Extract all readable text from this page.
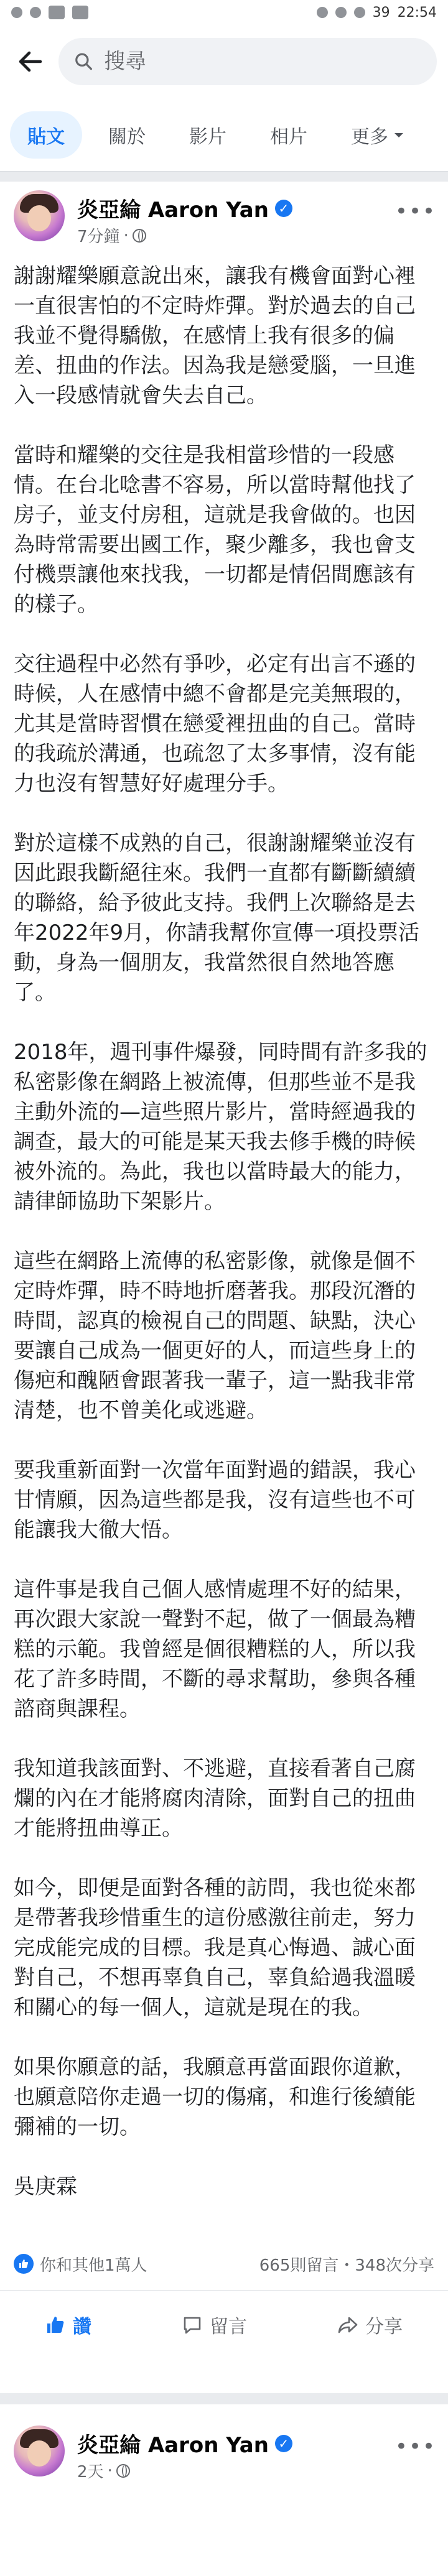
39 22:54
搜尋
貼文	關於	影片	相片	更多
炎亞綸 Aaron Yan ✓
7分鐘 ·
•••

謝謝耀樂願意說出來，讓我有機會面對心裡一直很害怕的不定時炸彈。對於過去的自己我並不覺得驕傲，在感情上我有很多的偏差、扭曲的作法。因為我是戀愛腦，一旦進入一段感情就會失去自己。

當時和耀樂的交往是我相當珍惜的一段感情。在台北唸書不容易，所以當時幫他找了房子，並支付房租，這就是我會做的。也因為時常需要出國工作，聚少離多，我也會支付機票讓他來找我，一切都是情侶間應該有的樣子。

交往過程中必然有爭吵，必定有出言不遜的時候，人在感情中總不會都是完美無瑕的，尤其是當時習慣在戀愛裡扭曲的自己。當時的我疏於溝通，也疏忽了太多事情，沒有能力也沒有智慧好好處理分手。

對於這樣不成熟的自己，很謝謝耀樂並沒有因此跟我斷絕往來。我們一直都有斷斷續續的聯絡，給予彼此支持。我們上次聯絡是去年2022年9月，你請我幫你宣傳一項投票活動，身為一個朋友，我當然很自然地答應了。

2018年，週刊事件爆發，同時間有許多我的私密影像在網路上被流傳，但那些並不是我主動外流的—這些照片影片，當時經過我的調查，最大的可能是某天我去修手機的時候被外流的。為此，我也以當時最大的能力，請律師協助下架影片。

這些在網路上流傳的私密影像，就像是個不定時炸彈，時不時地折磨著我。那段沉潛的時間，認真的檢視自己的問題、缺點，決心要讓自己成為一個更好的人，而這些身上的傷疤和醜陋會跟著我一輩子，這一點我非常清楚，也不曾美化或逃避。

要我重新面對一次當年面對過的錯誤，我心甘情願，因為這些都是我，沒有這些也不可能讓我大徹大悟。

這件事是我自己個人感情處理不好的結果，再次跟大家說一聲對不起，做了一個最為糟糕的示範。我曾經是個很糟糕的人，所以我花了許多時間，不斷的尋求幫助，參與各種諮商與課程。

我知道我該面對、不逃避，直接看著自己腐爛的內在才能將腐肉清除，面對自己的扭曲才能將扭曲導正。

如今，即便是面對各種的訪問，我也從來都是帶著我珍惜重生的這份感激往前走，努力完成能完成的目標。我是真心悔過、誠心面對自己，不想再辜負自己，辜負給過我溫暖和關心的每一個人，這就是現在的我。

如果你願意的話，我願意再當面跟你道歉，也願意陪你走過一切的傷痛，和進行後續能彌補的一切。

吳庚霖

你和其他1萬人	665則留言・348次分享
讚	留言	分享
炎亞綸 Aaron Yan ✓
2天 ·
•••
